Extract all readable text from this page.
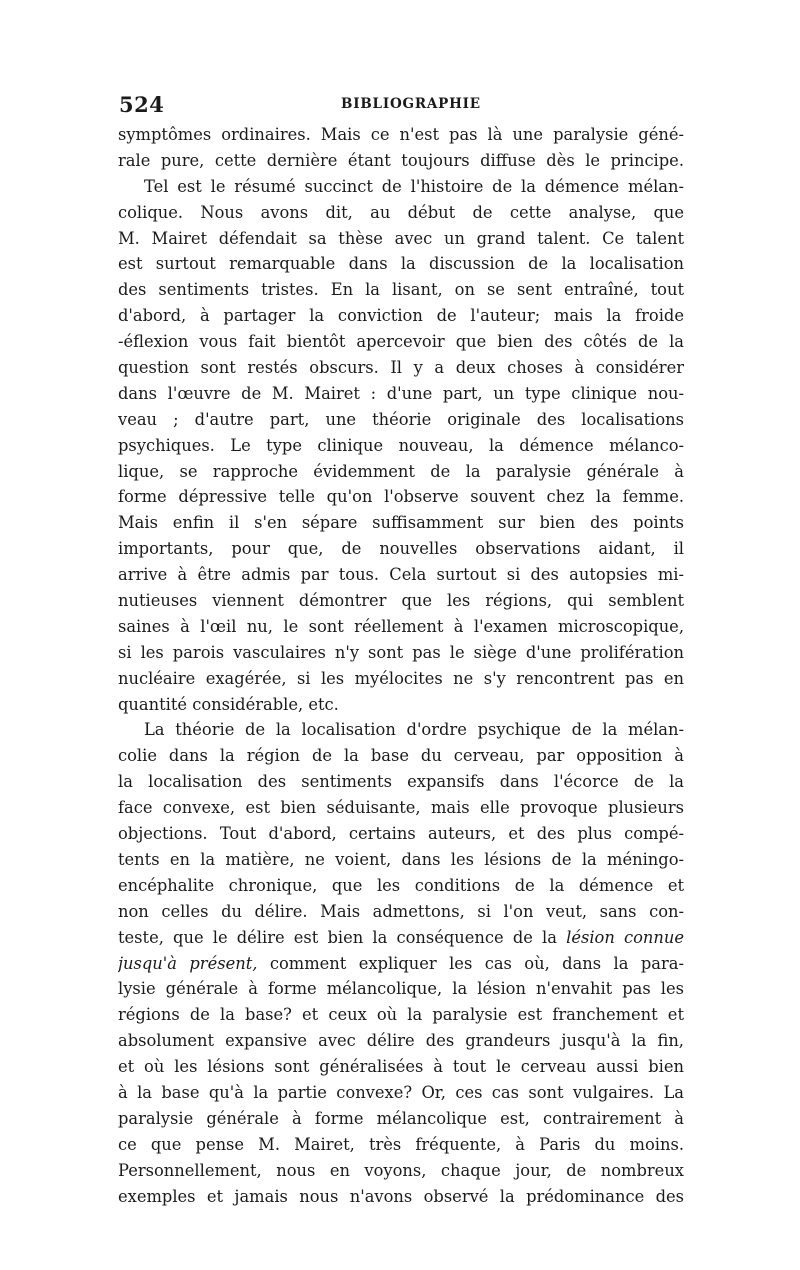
524	BIBLIOGRAPHIE
symptômes ordinaires. Mais ce n'est pas là une paralysie géné-
rale pure, cette dernière étant toujours diffuse dès le principe.
Tel est le résumé succinct de l'histoire de la démence mélan-
colique. Nous avons dit, au début de cette analyse, que
M. Mairet défendait sa thèse avec un grand talent. Ce talent
est surtout remarquable dans la discussion de la localisation
des sentiments tristes. En la lisant, on se sent entraîné, tout
d'abord, à partager la conviction de l'auteur; mais la froide
-éflexion vous fait bientôt apercevoir que bien des côtés de la
question sont restés obscurs. Il y a deux choses à considérer
dans l'œuvre de M. Mairet : d'une part, un type clinique nou-
veau ; d'autre part, une théorie originale des localisations
psychiques. Le type clinique nouveau, la démence mélanco-
lique, se rapproche évidemment de la paralysie générale à
forme dépressive telle qu'on l'observe souvent chez la femme.
Mais enfin il s'en sépare suffisamment sur bien des points
importants, pour que, de nouvelles observations aidant, il
arrive à être admis par tous. Cela surtout si des autopsies mi-
nutieuses viennent démontrer que les régions, qui semblent
saines à l'œil nu, le sont réellement à l'examen microscopique,
si les parois vasculaires n'y sont pas le siège d'une prolifération
nucléaire exagérée, si les myélocites ne s'y rencontrent pas en
quantité considérable, etc.
La théorie de la localisation d'ordre psychique de la mélan-
colie dans la région de la base du cerveau, par opposition à
la localisation des sentiments expansifs dans l'écorce de la
face convexe, est bien séduisante, mais elle provoque plusieurs
objections. Tout d'abord, certains auteurs, et des plus compé-
tents en la matière, ne voient, dans les lésions de la méningo-
encéphalite chronique, que les conditions de la démence et
non celles du délire. Mais admettons, si l'on veut, sans con-
teste, que le délire est bien la conséquence de la lésion connue
jusqu'à présent, comment expliquer les cas où, dans la para-
lysie générale à forme mélancolique, la lésion n'envahit pas les
régions de la base? et ceux où la paralysie est franchement et
absolument expansive avec délire des grandeurs jusqu'à la fin,
et où les lésions sont généralisées à tout le cerveau aussi bien
à la base qu'à la partie convexe? Or, ces cas sont vulgaires. La
paralysie générale à forme mélancolique est, contrairement à
ce que pense M. Mairet, très fréquente, à Paris du moins.
Personnellement, nous en voyons, chaque jour, de nombreux
exemples et jamais nous n'avons observé la prédominance des
